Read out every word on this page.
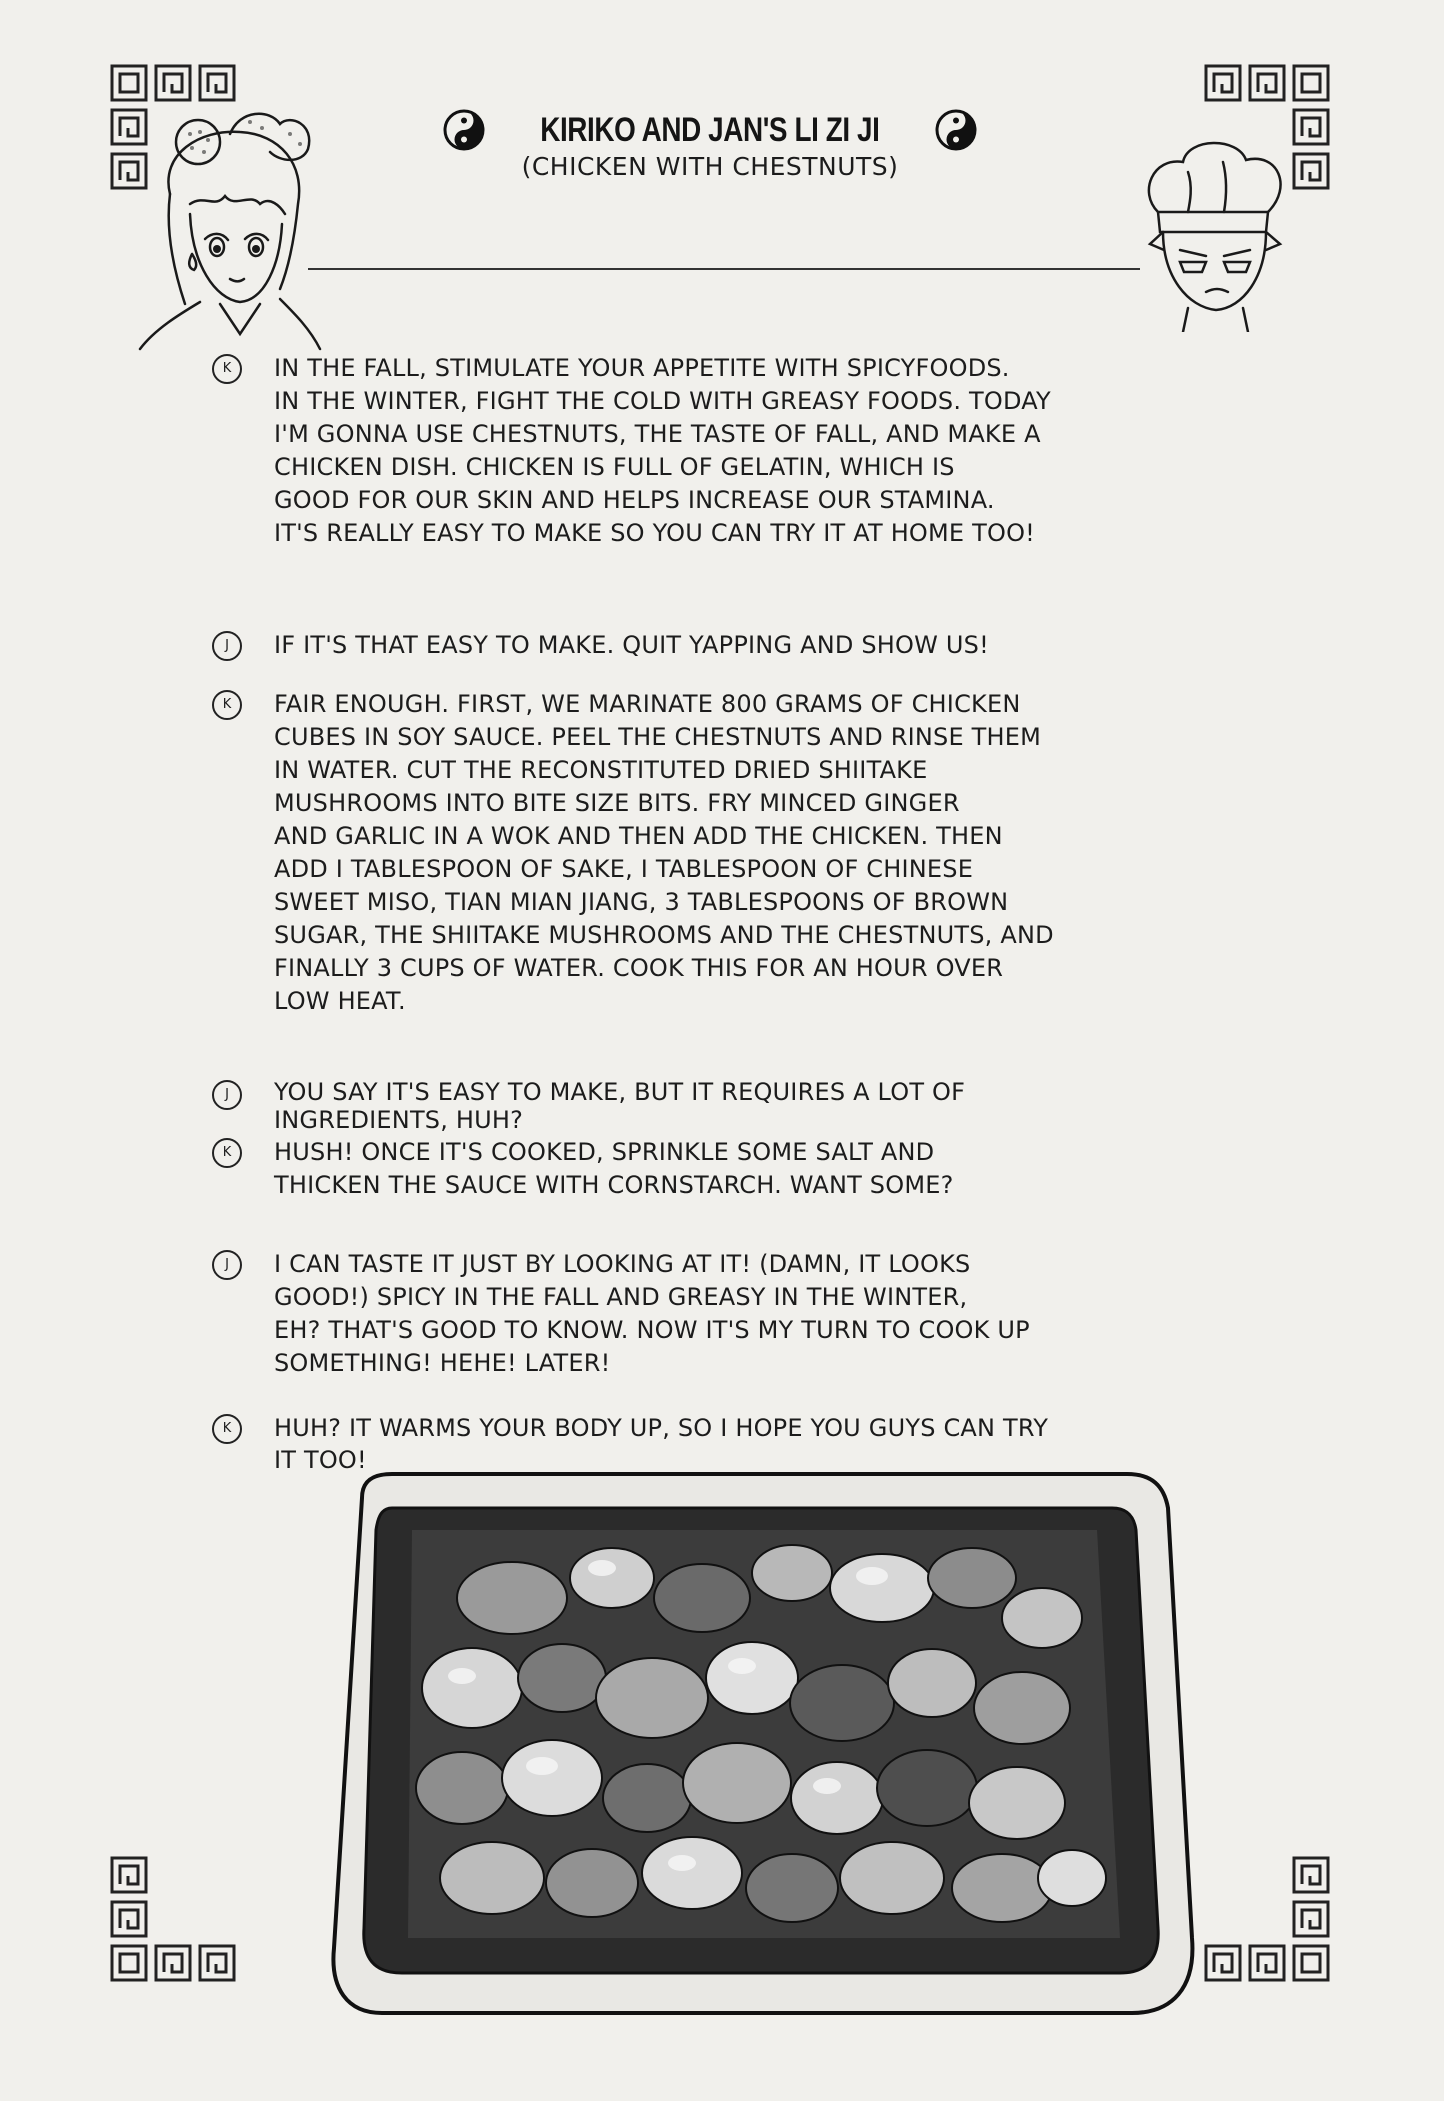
KIRIKO AND JAN'S LI ZI JI
(CHICKEN WITH CHESTNUTS)
K	IN THE FALL, STIMULATE YOUR APPETITE WITH SPICYFOODS.
IN THE WINTER, FIGHT THE COLD WITH GREASY FOODS. TODAY
I'M GONNA USE CHESTNUTS, THE TASTE OF FALL, AND MAKE A
CHICKEN DISH. CHICKEN IS FULL OF GELATIN, WHICH IS
GOOD FOR OUR SKIN AND HELPS INCREASE OUR STAMINA.
IT'S REALLY EASY TO MAKE SO YOU CAN TRY IT AT HOME TOO!
J	IF IT'S THAT EASY TO MAKE. QUIT YAPPING AND SHOW US!
K	FAIR ENOUGH. FIRST, WE MARINATE 800 GRAMS OF CHICKEN
CUBES IN SOY SAUCE. PEEL THE CHESTNUTS AND RINSE THEM
IN WATER. CUT THE RECONSTITUTED DRIED SHIITAKE
MUSHROOMS INTO BITE SIZE BITS. FRY MINCED GINGER
AND GARLIC IN A WOK AND THEN ADD THE CHICKEN. THEN
ADD I TABLESPOON OF SAKE, I TABLESPOON OF CHINESE
SWEET MISO, TIAN MIAN JIANG, 3 TABLESPOONS OF BROWN
SUGAR, THE SHIITAKE MUSHROOMS AND THE CHESTNUTS, AND
FINALLY 3 CUPS OF WATER. COOK THIS FOR AN HOUR OVER
LOW HEAT.
J	YOU SAY IT'S EASY TO MAKE, BUT IT REQUIRES A LOT OF
INGREDIENTS, HUH?
K	HUSH! ONCE IT'S COOKED, SPRINKLE SOME SALT AND
THICKEN THE SAUCE WITH CORNSTARCH. WANT SOME?
J	I CAN TASTE IT JUST BY LOOKING AT IT! (DAMN, IT LOOKS
GOOD!) SPICY IN THE FALL AND GREASY IN THE WINTER,
EH? THAT'S GOOD TO KNOW. NOW IT'S MY TURN TO COOK UP
SOMETHING! HEHE! LATER!
K	HUH? IT WARMS YOUR BODY UP, SO I HOPE YOU GUYS CAN TRY
IT TOO!
